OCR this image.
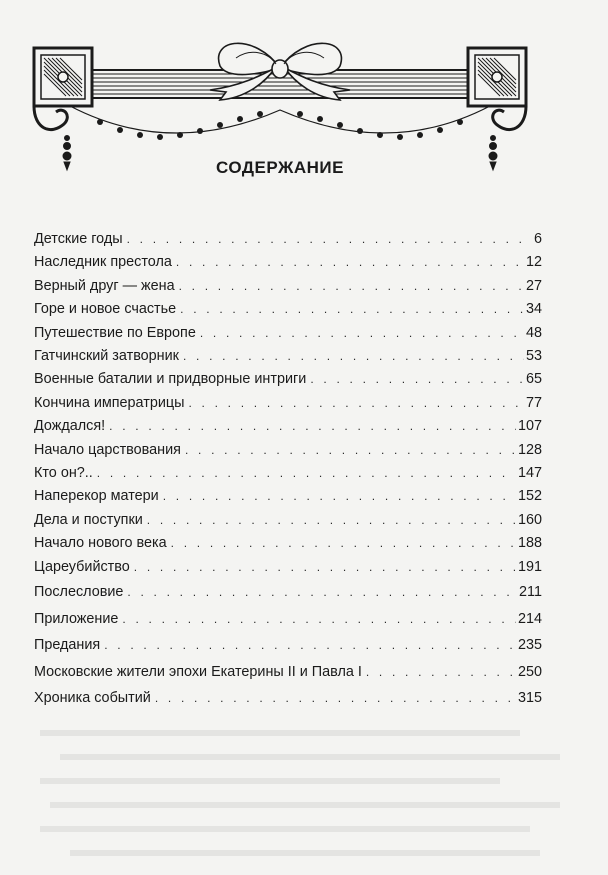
СОДЕРЖАНИЕ
Детские годы . . .	6
Наследник престола . . .	12
Верный друг — жена . . .	27
Горе и новое счастье . . .	34
Путешествие по Европе . . .	48
Гатчинский затворник . . .	53
Военные баталии и придворные интриги . . .	65
Кончина императрицы . . .	77
Дождался! . . .	107
Начало царствования . . .	128
Кто он?.. . . .	147
Наперекор матери . . .	152
Дела и поступки . . .	160
Начало нового века . . .	188
Цареубийство . . .	191
Послесловие . . .	211
Приложение . . .	214
Предания . . .	235
Московские жители эпохи Екатерины II и Павла I . . .	250
Хроника событий . . .	315
